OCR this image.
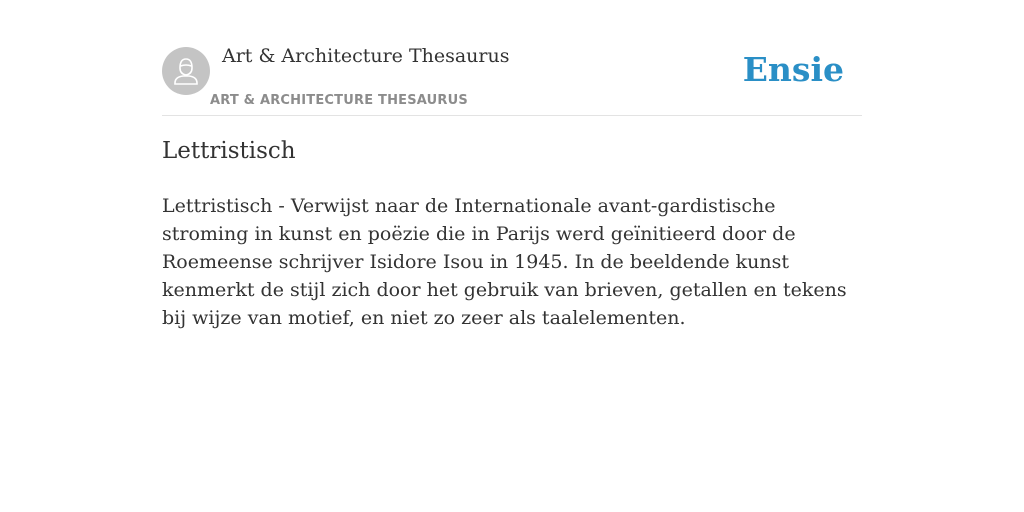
Art & Architecture Thesaurus
ART & ARCHITECTURE THESAURUS
Ensie
Lettristisch

Lettristisch - Verwijst naar de Internationale avant-gardistische stroming in kunst en poëzie die in Parijs werd geïnitieerd door de Roemeense schrijver Isidore Isou in 1945. In de beeldende kunst kenmerkt de stijl zich door het gebruik van brieven, getallen en tekens bij wijze van motief, en niet zo zeer als taalelementen.
